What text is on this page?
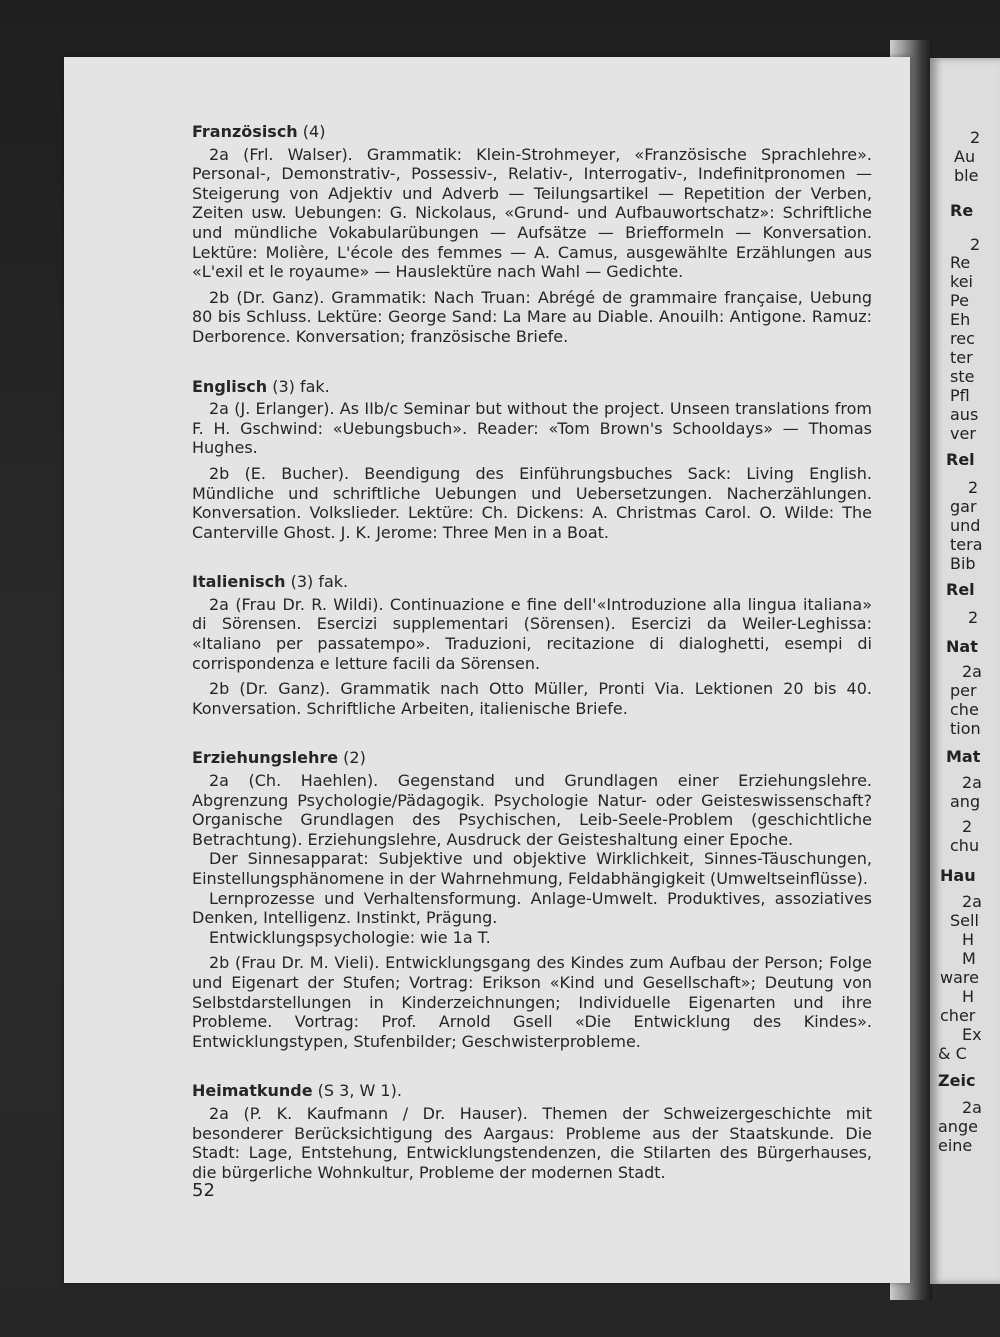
2
Au
ble
Re
2
Re
kei
Pe
Eh
rec
ter
ste
Pfl
aus
ver
Rel
2
gar
und
tera
Bib
Rel
2
Nat
2a
per
che
tion
Mat
2a
ang
2
chu
Hau
2a
Sell
H
M
ware
H
cher
Ex
& C
Zeic
2a
ange
eine

Französisch (4)

2a (Frl. Walser). Grammatik: Klein-Strohmeyer, «Französische Sprachlehre». Personal-, Demonstrativ-, Possessiv-, Relativ-, Interrogativ-, Indefinitpronomen — Steigerung von Adjektiv und Adverb — Teilungsartikel — Repetition der Verben, Zeiten usw. Uebungen: G. Nickolaus, «Grund- und Aufbauwortschatz»: Schriftliche und mündliche Vokabularübungen — Aufsätze — Briefformeln — Konversation. Lektüre: Molière, L'école des femmes — A. Camus, ausgewählte Erzählungen aus «L'exil et le royaume» — Hauslektüre nach Wahl — Gedichte.

2b (Dr. Ganz). Grammatik: Nach Truan: Abrégé de grammaire française, Uebung 80 bis Schluss. Lektüre: George Sand: La Mare au Diable. Anouilh: Antigone. Ramuz: Derborence. Konversation; französische Briefe.

Englisch (3) fak.

2a (J. Erlanger). As IIb/c Seminar but without the project. Unseen translations from F. H. Gschwind: «Uebungsbuch». Reader: «Tom Brown's Schooldays» — Thomas Hughes.

2b (E. Bucher). Beendigung des Einführungsbuches Sack: Living English. Mündliche und schriftliche Uebungen und Uebersetzungen. Nacherzählungen. Konversation. Volkslieder. Lektüre: Ch. Dickens: A. Christmas Carol. O. Wilde: The Canterville Ghost. J. K. Jerome: Three Men in a Boat.

Italienisch (3) fak.

2a (Frau Dr. R. Wildi). Continuazione e fine dell'«Introduzione alla lingua italiana» di Sörensen. Esercizi supplementari (Sörensen). Esercizi da Weiler-Leghissa: «Italiano per passatempo». Traduzioni, recitazione di dialoghetti, esempi di corrispondenza e letture facili da Sörensen.

2b (Dr. Ganz). Grammatik nach Otto Müller, Pronti Via. Lektionen 20 bis 40. Konversation. Schriftliche Arbeiten, italienische Briefe.

Erziehungslehre (2)

2a (Ch. Haehlen). Gegenstand und Grundlagen einer Erziehungslehre. Abgrenzung Psychologie/Pädagogik. Psychologie Natur- oder Geisteswissenschaft? Organische Grundlagen des Psychischen, Leib-Seele-Problem (geschichtliche Betrachtung). Erziehungslehre, Ausdruck der Geisteshaltung einer Epoche.

Der Sinnesapparat: Subjektive und objektive Wirklichkeit, Sinnes-Täuschungen, Einstellungsphänomene in der Wahrnehmung, Feldabhängigkeit (Umweltseinflüsse).

Lernprozesse und Verhaltensformung. Anlage-Umwelt. Produktives, assoziatives Denken, Intelligenz. Instinkt, Prägung.

Entwicklungspsychologie: wie 1a T.

2b (Frau Dr. M. Vieli). Entwicklungsgang des Kindes zum Aufbau der Person; Folge und Eigenart der Stufen; Vortrag: Erikson «Kind und Gesellschaft»; Deutung von Selbstdarstellungen in Kinderzeichnungen; Individuelle Eigenarten und ihre Probleme. Vortrag: Prof. Arnold Gsell «Die Entwicklung des Kindes». Entwicklungstypen, Stufenbilder; Geschwisterprobleme.

Heimatkunde (S 3, W 1).

2a (P. K. Kaufmann / Dr. Hauser). Themen der Schweizergeschichte mit besonderer Berücksichtigung des Aargaus: Probleme aus der Staatskunde. Die Stadt: Lage, Entstehung, Entwicklungstendenzen, die Stilarten des Bürgerhauses, die bürgerliche Wohnkultur, Probleme der modernen Stadt.

52
